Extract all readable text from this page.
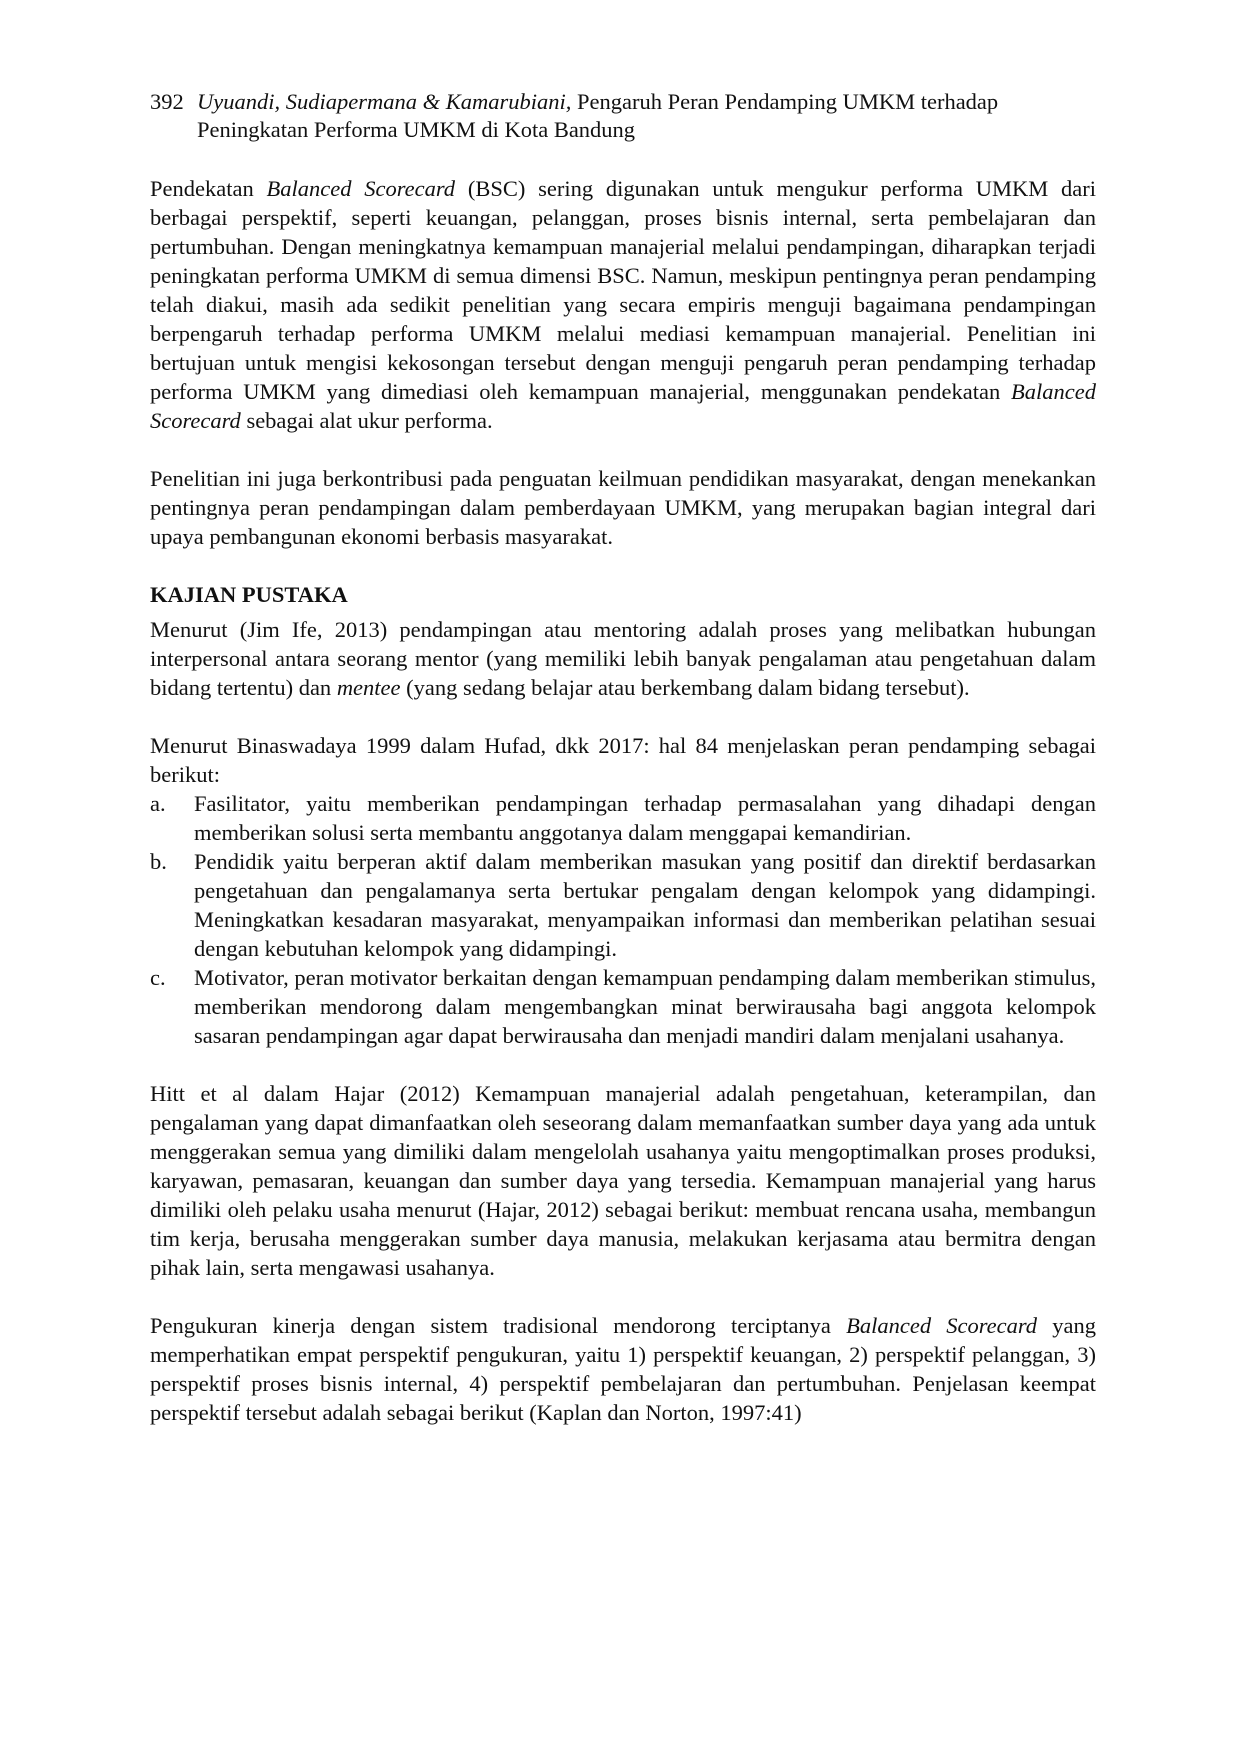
392 Uyuandi, Sudiapermana & Kamarubiani, Pengaruh Peran Pendamping UMKM terhadap
Peningkatan Performa UMKM di Kota Bandung

Pendekatan Balanced Scorecard (BSC) sering digunakan untuk mengukur performa UMKM dari berbagai perspektif, seperti keuangan, pelanggan, proses bisnis internal, serta pembelajaran dan pertumbuhan. Dengan meningkatnya kemampuan manajerial melalui pendampingan, diharapkan terjadi peningkatan performa UMKM di semua dimensi BSC. Namun, meskipun pentingnya peran pendamping telah diakui, masih ada sedikit penelitian yang secara empiris menguji bagaimana pendampingan berpengaruh terhadap performa UMKM melalui mediasi kemampuan manajerial. Penelitian ini bertujuan untuk mengisi kekosongan tersebut dengan menguji pengaruh peran pendamping terhadap performa UMKM yang dimediasi oleh kemampuan manajerial, menggunakan pendekatan Balanced Scorecard sebagai alat ukur performa.

Penelitian ini juga berkontribusi pada penguatan keilmuan pendidikan masyarakat, dengan menekankan pentingnya peran pendampingan dalam pemberdayaan UMKM, yang merupakan bagian integral dari upaya pembangunan ekonomi berbasis masyarakat.

KAJIAN PUSTAKA

Menurut (Jim Ife, 2013) pendampingan atau mentoring adalah proses yang melibatkan hubungan interpersonal antara seorang mentor (yang memiliki lebih banyak pengalaman atau pengetahuan dalam bidang tertentu) dan mentee (yang sedang belajar atau berkembang dalam bidang tersebut).

Menurut Binaswadaya 1999 dalam Hufad, dkk 2017: hal 84 menjelaskan peran pendamping sebagai berikut:

a. Fasilitator, yaitu memberikan pendampingan terhadap permasalahan yang dihadapi dengan memberikan solusi serta membantu anggotanya dalam menggapai kemandirian.
b. Pendidik yaitu berperan aktif dalam memberikan masukan yang positif dan direktif berdasarkan pengetahuan dan pengalamanya serta bertukar pengalam dengan kelompok yang didampingi. Meningkatkan kesadaran masyarakat, menyampaikan informasi dan memberikan pelatihan sesuai dengan kebutuhan kelompok yang didampingi.
c. Motivator, peran motivator berkaitan dengan kemampuan pendamping dalam memberikan stimulus, memberikan mendorong dalam mengembangkan minat berwirausaha bagi anggota kelompok sasaran pendampingan agar dapat berwirausaha dan menjadi mandiri dalam menjalani usahanya.

Hitt et al dalam Hajar (2012) Kemampuan manajerial adalah pengetahuan, keterampilan, dan pengalaman yang dapat dimanfaatkan oleh seseorang dalam memanfaatkan sumber daya yang ada untuk menggerakan semua yang dimiliki dalam mengelolah usahanya yaitu mengoptimalkan proses produksi, karyawan, pemasaran, keuangan dan sumber daya yang tersedia. Kemampuan manajerial yang harus dimiliki oleh pelaku usaha menurut (Hajar, 2012) sebagai berikut: membuat rencana usaha, membangun tim kerja, berusaha menggerakan sumber daya manusia, melakukan kerjasama atau bermitra dengan pihak lain, serta mengawasi usahanya.

Pengukuran kinerja dengan sistem tradisional mendorong terciptanya Balanced Scorecard yang memperhatikan empat perspektif pengukuran, yaitu 1) perspektif keuangan, 2) perspektif pelanggan, 3) perspektif proses bisnis internal, 4) perspektif pembelajaran dan pertumbuhan. Penjelasan keempat perspektif tersebut adalah sebagai berikut (Kaplan dan Norton, 1997:41)
